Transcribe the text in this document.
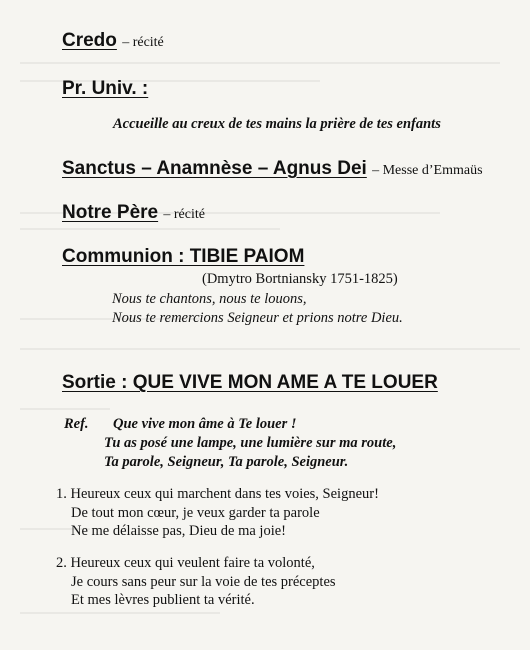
Credo – récité
Pr. Univ. :
Accueille au creux de tes mains la prière de tes enfants
Sanctus – Anamnèse – Agnus Dei – Messe d’Emmaüs
Notre Père – récité
Communion : TIBIE PAIOM
(Dmytro Bortniansky 1751-1825)
Nous te chantons, nous te louons,
Nous te remercions Seigneur et prions notre Dieu.
Sortie : QUE VIVE MON AME A TE LOUER
Ref. Que vive mon âme à Te louer !
Tu as posé une lampe, une lumière sur ma route,
Ta parole, Seigneur, Ta parole, Seigneur.
1. Heureux ceux qui marchent dans tes voies, Seigneur!
De tout mon cœur, je veux garder ta parole
Ne me délaisse pas, Dieu de ma joie!
2. Heureux ceux qui veulent faire ta volonté,
Je cours sans peur sur la voie de tes préceptes
Et mes lèvres publient ta vérité.
